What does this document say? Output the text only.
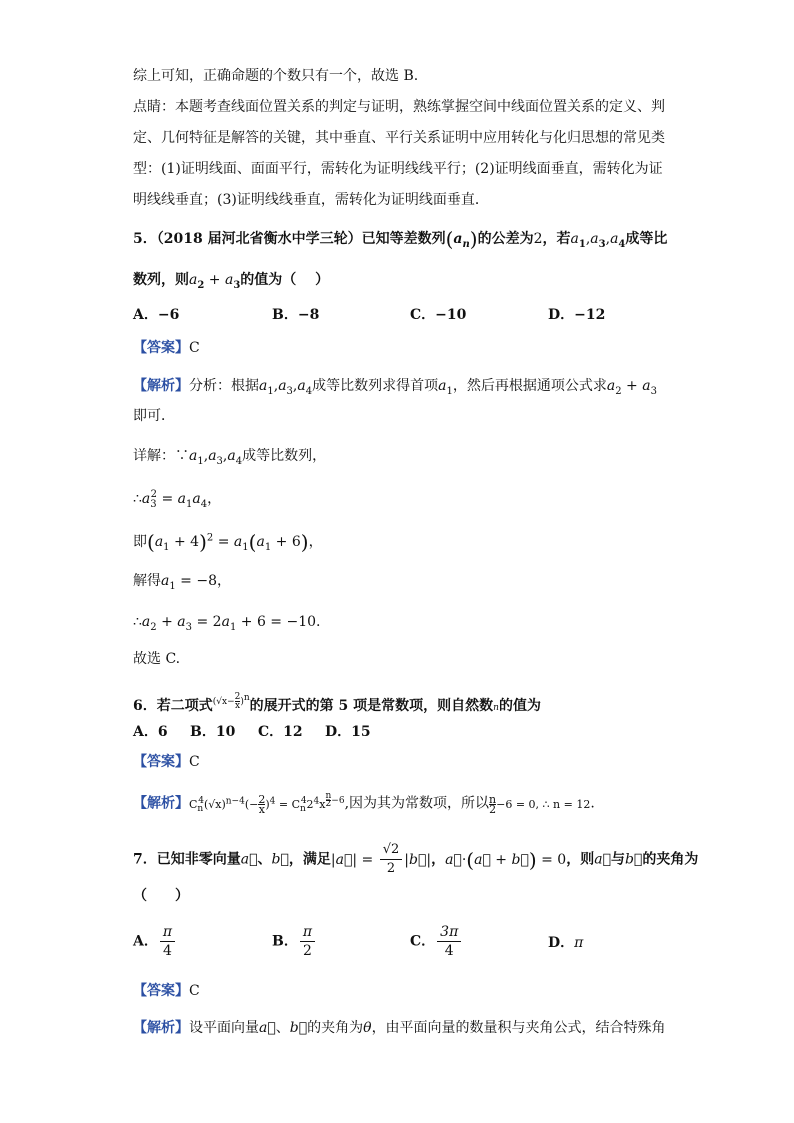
综上可知，正确命题的个数只有一个，故选 B.
点睛：本题考查线面位置关系的判定与证明，熟练掌握空间中线面位置关系的定义、判
定、几何特征是解答的关键，其中垂直、平行关系证明中应用转化与化归思想的常见类
型：(1)证明线面、面面平行，需转化为证明线线平行；(2)证明线面垂直，需转化为证
明线线垂直；(3)证明线线垂直，需转化为证明线面垂直．
5．（2018 届河北省衡水中学三轮）已知等差数列$(a_n)$的公差为2，若$a_1,a_3,a_4$成等比
数列，则$a_2 + a_3$的值为（　 ）
A．−6	B．−8	C．−10	D．−12
【答案】C
【解析】分析：根据$a_1,a_3,a_4$成等比数列求得首项$a_1$，然后再根据通项公式求$a_2 + a_3$
即可．
详解：$\because a_1,a_3,a_4$成等比数列，
$\therefore a_3^2 = a_1a_4$，
即$(a_1 + 4)^2 = a_1(a_1 + 6)$，
解得$a_1 = -8$，
$\therefore a_2 + a_3 = 2a_1 + 6 = -10$.
故选 C.
6．若二项式$^{(√x- \frac{2}{x} )^n}$的展开式的第 5 项是常数项，则自然数n的值为
A．6 B．10 C．12 D．15
【答案】C
【解析】$C_n^4(√x)^{n-4}(- \frac{2}{x} )^4 = C_n^42^4x$ $^{\frac{n}{2} -6}$,因为其为常数项，所以 $\frac{n}{2} -6 = 0$, ∴ n = 12.
7．已知非零向量a⃗、b⃗，满足|a⃗| = $\frac{√2}{2}$ |b⃗|，a⃗·(a⃗ + b⃗) = 0，则a⃗与b⃗的夹角为
（　　）
A． $\frac{\pi}{4}$	B． $\frac{\pi}{2}$	C． $\frac{3\pi}{4}$	D．π
【答案】C
【解析】设平面向量a⃗、b⃗的夹角为θ，由平面向量的数量积与夹角公式，结合特殊角
